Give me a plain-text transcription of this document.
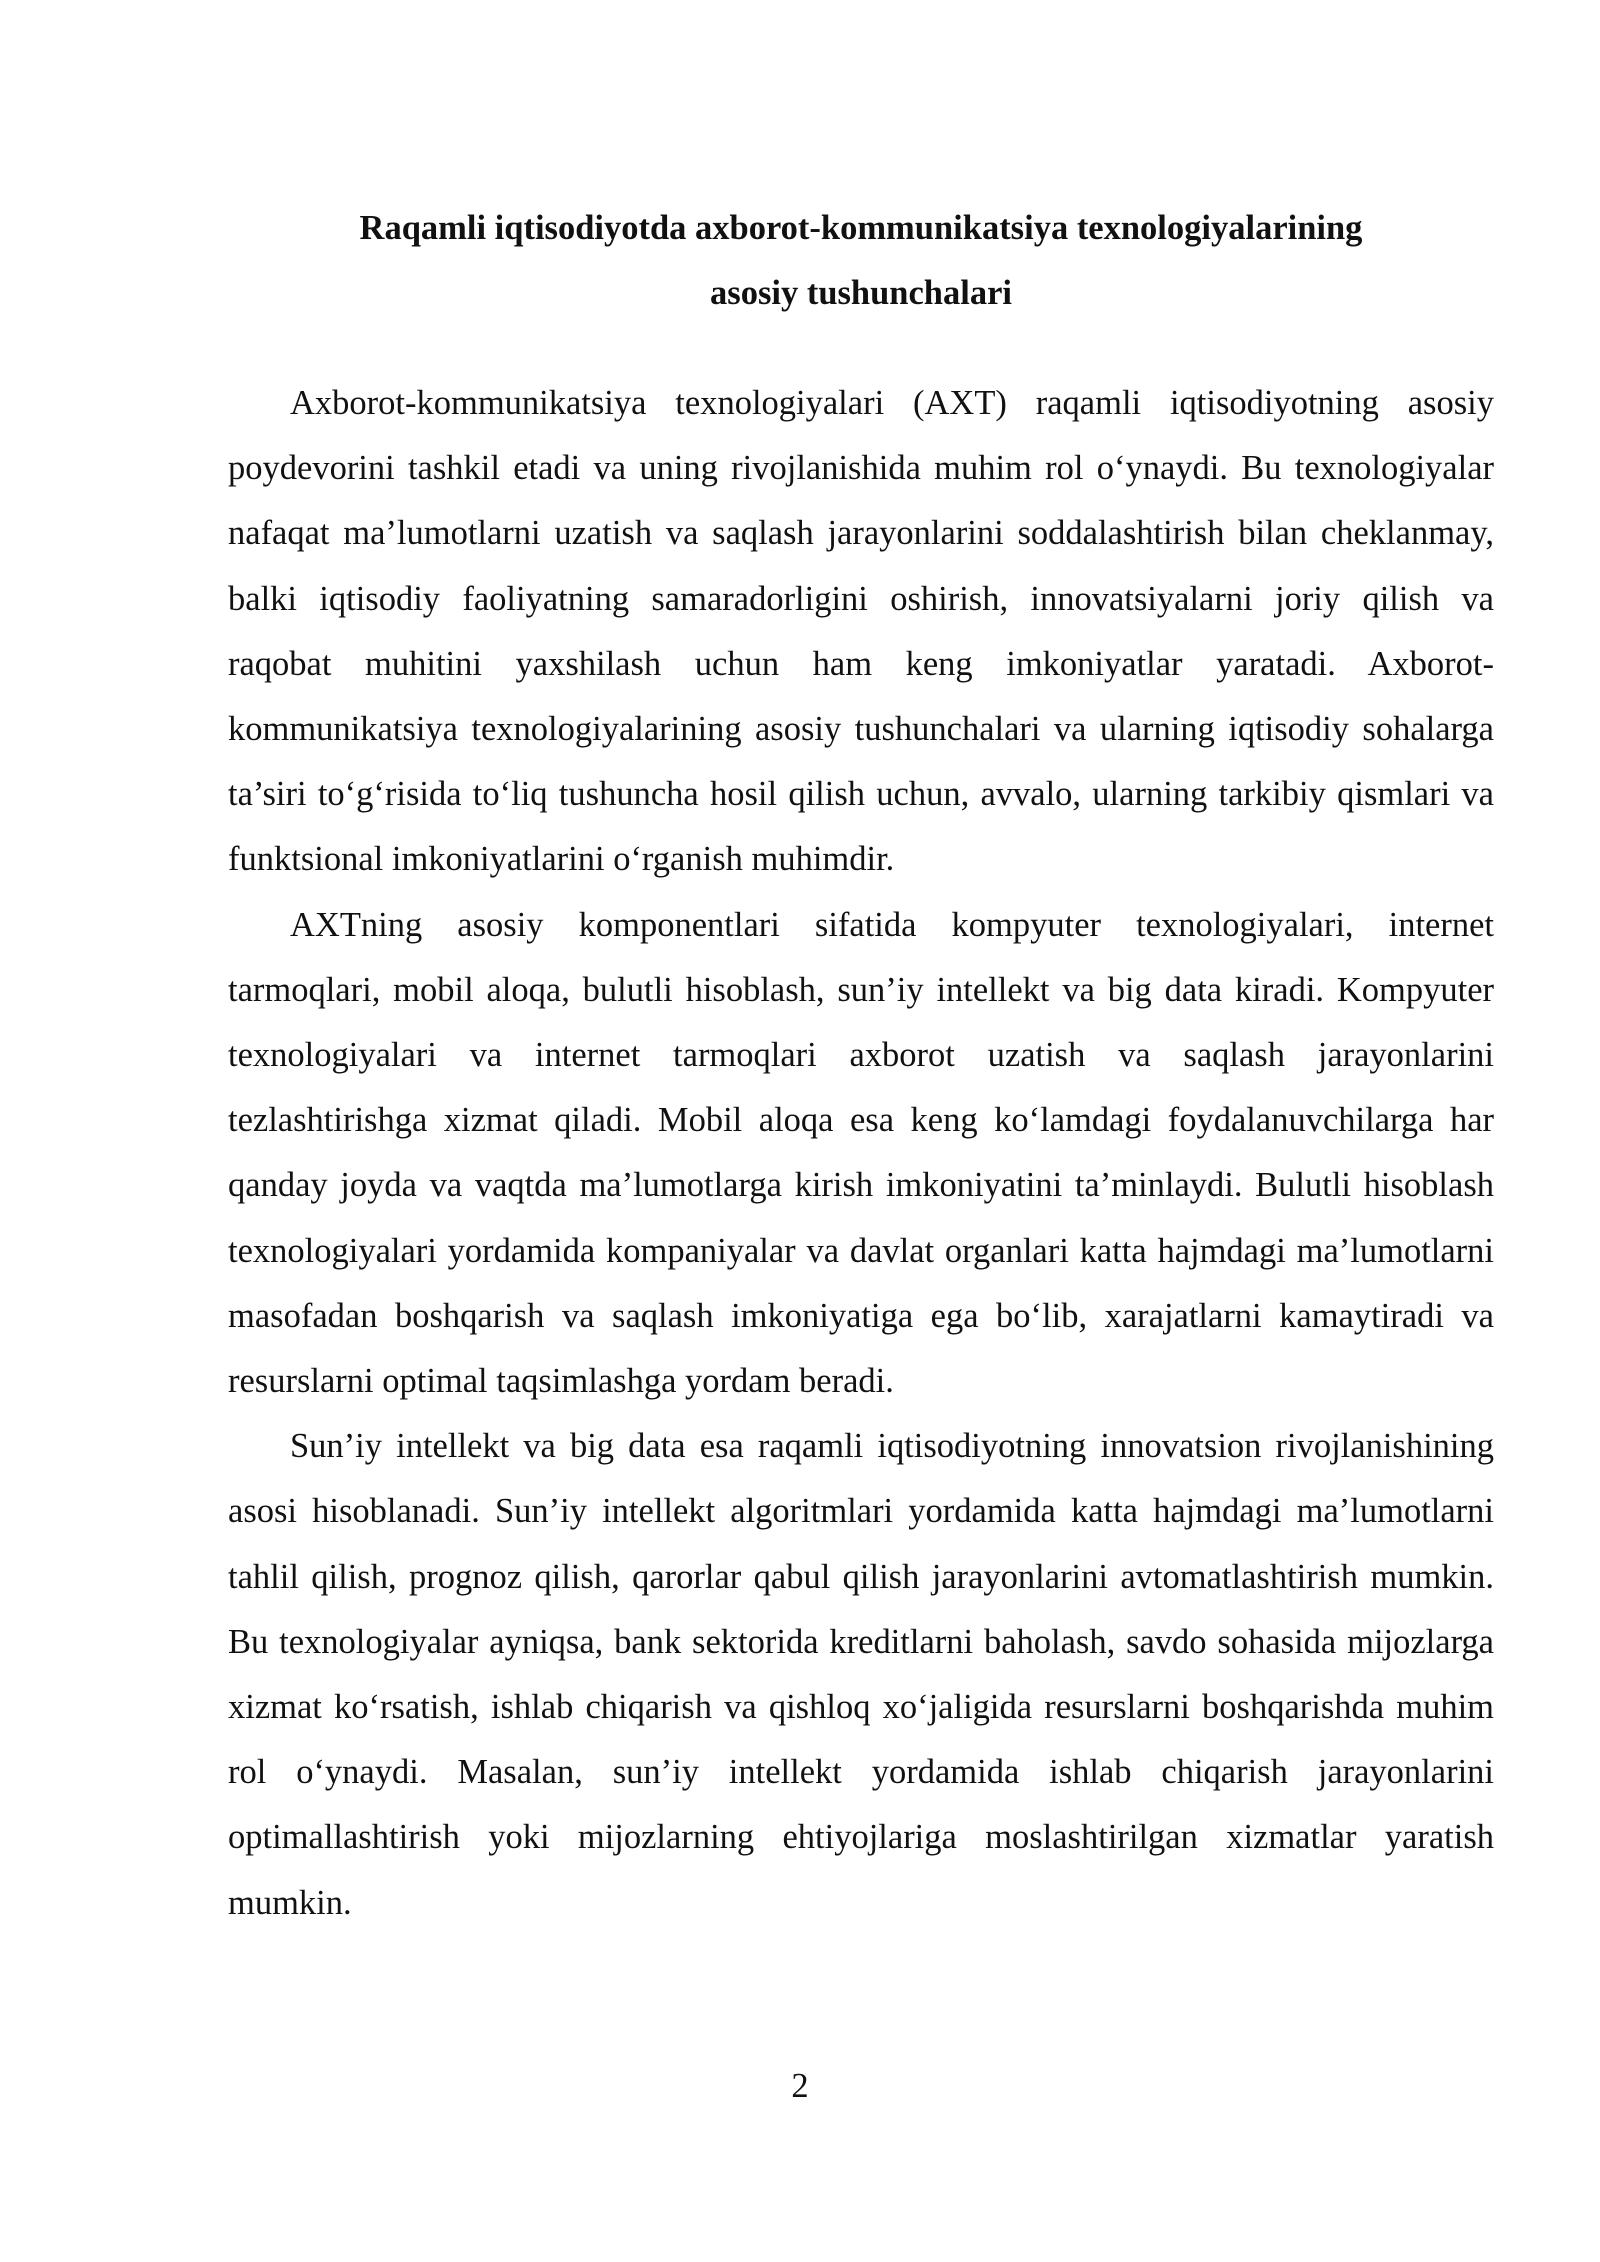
Raqamli iqtisodiyotda axborot-kommunikatsiya texnologiyalarining
asosiy tushunchalari

Axborot-kommunikatsiya texnologiyalari (AXT) raqamli iqtisodiyotning asosiy poydevorini tashkil etadi va uning rivojlanishida muhim rol o‘ynaydi. Bu texnologiyalar nafaqat ma’lumotlarni uzatish va saqlash jarayonlarini soddalashtirish bilan cheklanmay, balki iqtisodiy faoliyatning samaradorligini oshirish, innovatsiyalarni joriy qilish va raqobat muhitini yaxshilash uchun ham keng imkoniyatlar yaratadi. Axborot-kommunikatsiya texnologiyalarining asosiy tushunchalari va ularning iqtisodiy sohalarga ta’siri to‘g‘risida to‘liq tushuncha hosil qilish uchun, avvalo, ularning tarkibiy qismlari va funktsional imkoniyatlarini o‘rganish muhimdir.

AXTning asosiy komponentlari sifatida kompyuter texnologiyalari, internet tarmoqlari, mobil aloqa, bulutli hisoblash, sun’iy intellekt va big data kiradi. Kompyuter texnologiyalari va internet tarmoqlari axborot uzatish va saqlash jarayonlarini tezlashtirishga xizmat qiladi. Mobil aloqa esa keng ko‘lamdagi foydalanuvchilarga har qanday joyda va vaqtda ma’lumotlarga kirish imkoniyatini ta’minlaydi. Bulutli hisoblash texnologiyalari yordamida kompaniyalar va davlat organlari katta hajmdagi ma’lumotlarni masofadan boshqarish va saqlash imkoniyatiga ega bo‘lib, xarajatlarni kamaytiradi va resurslarni optimal taqsimlashga yordam beradi.

Sun’iy intellekt va big data esa raqamli iqtisodiyotning innovatsion rivojlanishining asosi hisoblanadi. Sun’iy intellekt algoritmlari yordamida katta hajmdagi ma’lumotlarni tahlil qilish, prognoz qilish, qarorlar qabul qilish jarayonlarini avtomatlashtirish mumkin. Bu texnologiyalar ayniqsa, bank sektorida kreditlarni baholash, savdo sohasida mijozlarga xizmat ko‘rsatish, ishlab chiqarish va qishloq xo‘jaligida resurslarni boshqarishda muhim rol o‘ynaydi. Masalan, sun’iy intellekt yordamida ishlab chiqarish jarayonlarini optimallashtirish yoki mijozlarning ehtiyojlariga moslashtirilgan xizmatlar yaratish mumkin.

2
